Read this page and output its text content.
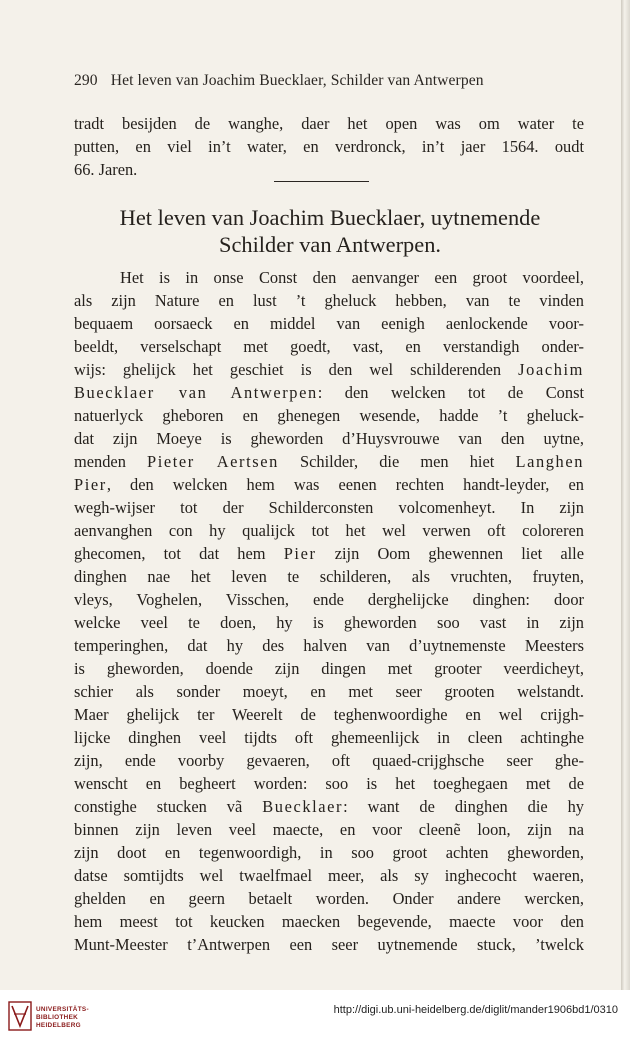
290 Het leven van Joachim Buecklaer, Schilder van Antwerpen
tradt besijden de wanghe, daer het open was om water te
putten, en viel in’t water, en verdronck, in’t jaer 1564. oudt
66. Jaren.
Het leven van Joachim Buecklaer, uytnemende
Schilder van Antwerpen.
Het is in onse Const den aenvanger een groot voordeel,
als zijn Nature en lust ’t gheluck hebben, van te vinden
bequaem oorsaeck en middel van eenigh aenlockende voor-
beeldt, verselschapt met goedt, vast, en verstandigh onder-
wijs: ghelijck het geschiet is den wel schilderenden Joachim
Buecklaer van Antwerpen: den welcken tot de Const
natuerlyck gheboren en ghenegen wesende, hadde ’t gheluck-
dat zijn Moeye is gheworden d’Huysvrouwe van den uytne,
menden Pieter Aertsen Schilder, die men hiet Langhen
Pier, den welcken hem was eenen rechten handt-leyder, en
wegh-wijser tot der Schilderconsten volcomenheyt. In zijn
aenvanghen con hy qualijck tot het wel verwen oft coloreren
ghecomen, tot dat hem Pier zijn Oom ghewennen liet alle
dinghen nae het leven te schilderen, als vruchten, fruyten,
vleys, Voghelen, Visschen, ende derghelijcke dinghen: door
welcke veel te doen, hy is gheworden soo vast in zijn
temperinghen, dat hy des halven van d’uytnemenste Meesters
is gheworden, doende zijn dingen met grooter veerdicheyt,
schier als sonder moeyt, en met seer grooten welstandt.
Maer ghelijck ter Weerelt de teghenwoordighe en wel crijgh-
lijcke dinghen veel tijdts oft ghemeenlijck in cleen achtinghe
zijn, ende voorby gevaeren, oft quaed-crijghsche seer ghe-
wenscht en begheert worden: soo is het toeghegaen met de
constighe stucken vã Buecklaer: want de dinghen die hy
binnen zijn leven veel maecte, en voor cleenẽ loon, zijn na
zijn doot en tegenwoordigh, in soo groot achten gheworden,
datse somtijdts wel twaelfmael meer, als sy inghecocht waeren,
ghelden en geern betaelt worden. Onder andere wercken,
hem meest tot keucken maecken begevende, maecte voor den
Munt-Meester t’Antwerpen een seer uytnemende stuck, ’twelck
UNIVERSITÄTS-
BIBLIOTHEK
HEIDELBERG
http://digi.ub.uni-heidelberg.de/diglit/mander1906bd1/0310
